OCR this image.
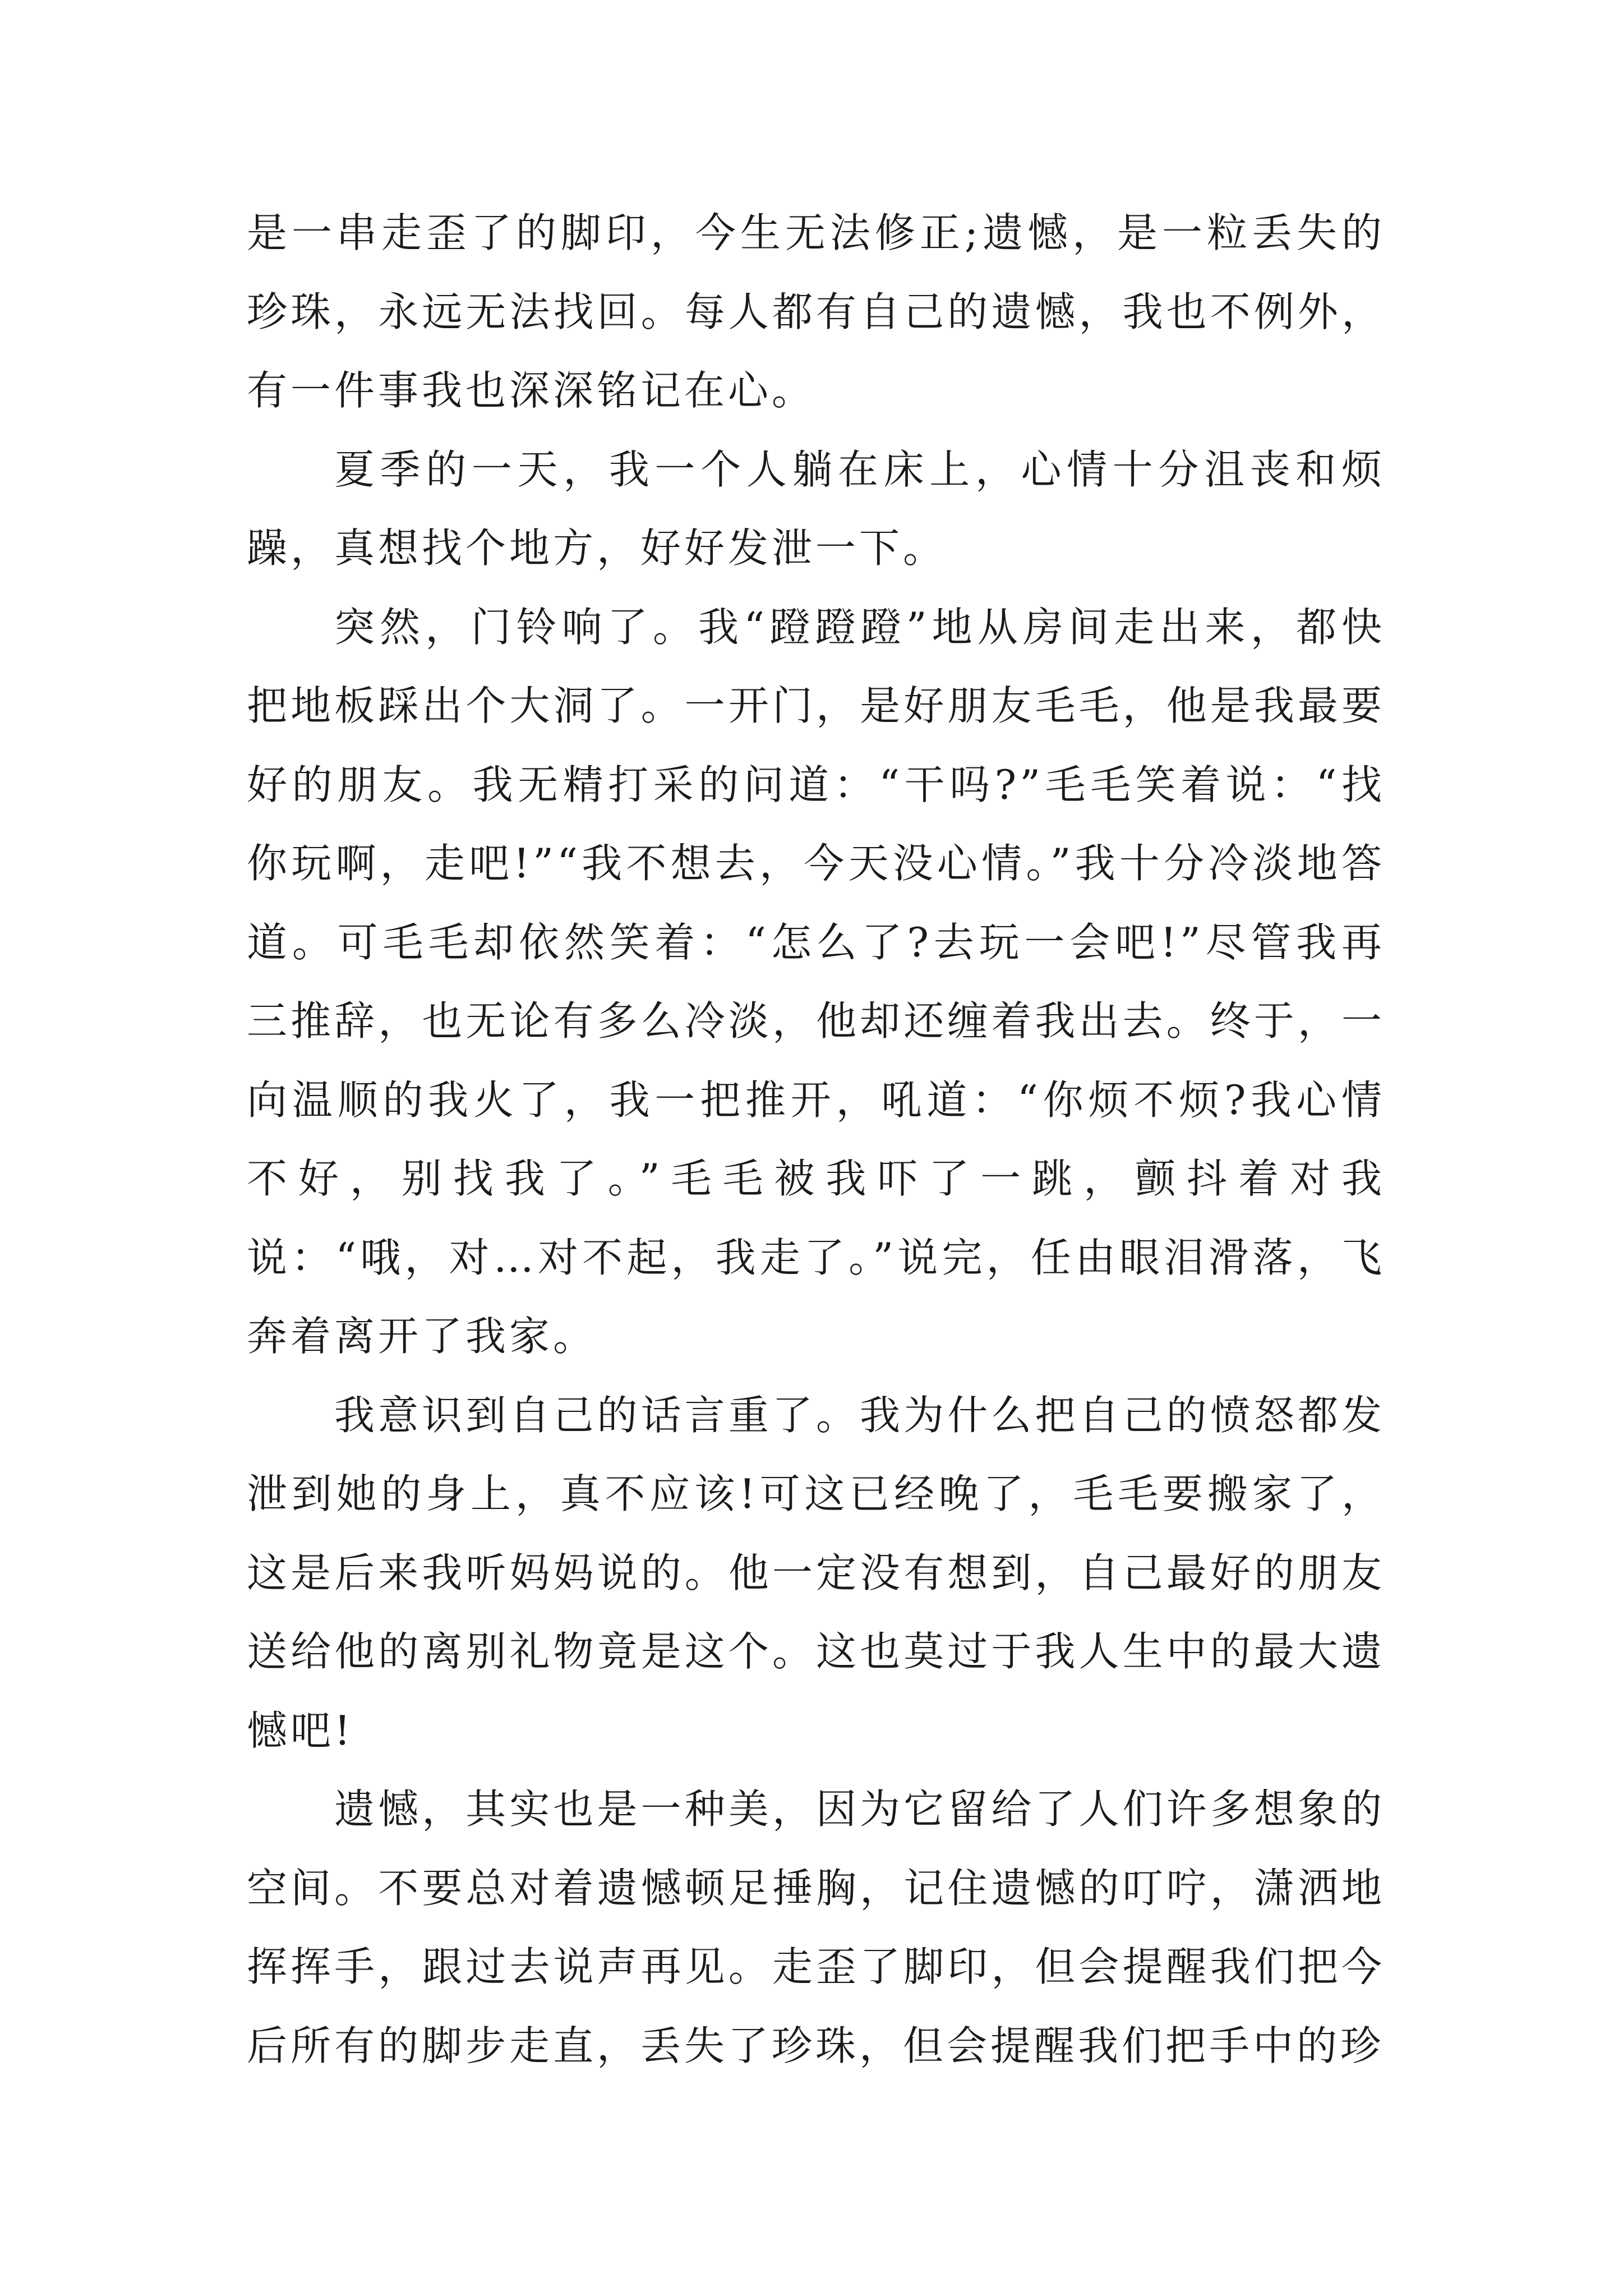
是一串走歪了的脚印，今生无法修正;遗憾，是一粒丢失的珍珠，永远无法找回。每人都有自己的遗憾，我也不例外，有一件事我也深深铭记在心。

夏季的一天，我一个人躺在床上，心情十分沮丧和烦躁，真想找个地方，好好发泄一下。

突然，门铃响了。我“蹬蹬蹬”地从房间走出来，都快把地板踩出个大洞了。一开门，是好朋友毛毛，他是我最要好的朋友。我无精打采的问道：“干吗?”毛毛笑着说：“找你玩啊，走吧!”“我不想去，今天没心情。”我十分冷淡地答道。可毛毛却依然笑着：“怎么了?去玩一会吧!”尽管我再三推辞，也无论有多么冷淡，他却还缠着我出去。终于，一向温顺的我火了，我一把推开，吼道：“你烦不烦?我心情不好，别找我了。”毛毛被我吓了一跳，颤抖着对我说：“哦，对…对不起，我走了。”说完，任由眼泪滑落，飞奔着离开了我家。

我意识到自己的话言重了。我为什么把自己的愤怒都发泄到她的身上，真不应该!可这已经晚了，毛毛要搬家了，这是后来我听妈妈说的。他一定没有想到，自己最好的朋友送给他的离别礼物竟是这个。这也莫过于我人生中的最大遗憾吧!

遗憾，其实也是一种美，因为它留给了人们许多想象的空间。不要总对着遗憾顿足捶胸，记住遗憾的叮咛，潇洒地挥挥手，跟过去说声再见。走歪了脚印，但会提醒我们把今后所有的脚步走直，丢失了珍珠，但会提醒我们把手中的珍
